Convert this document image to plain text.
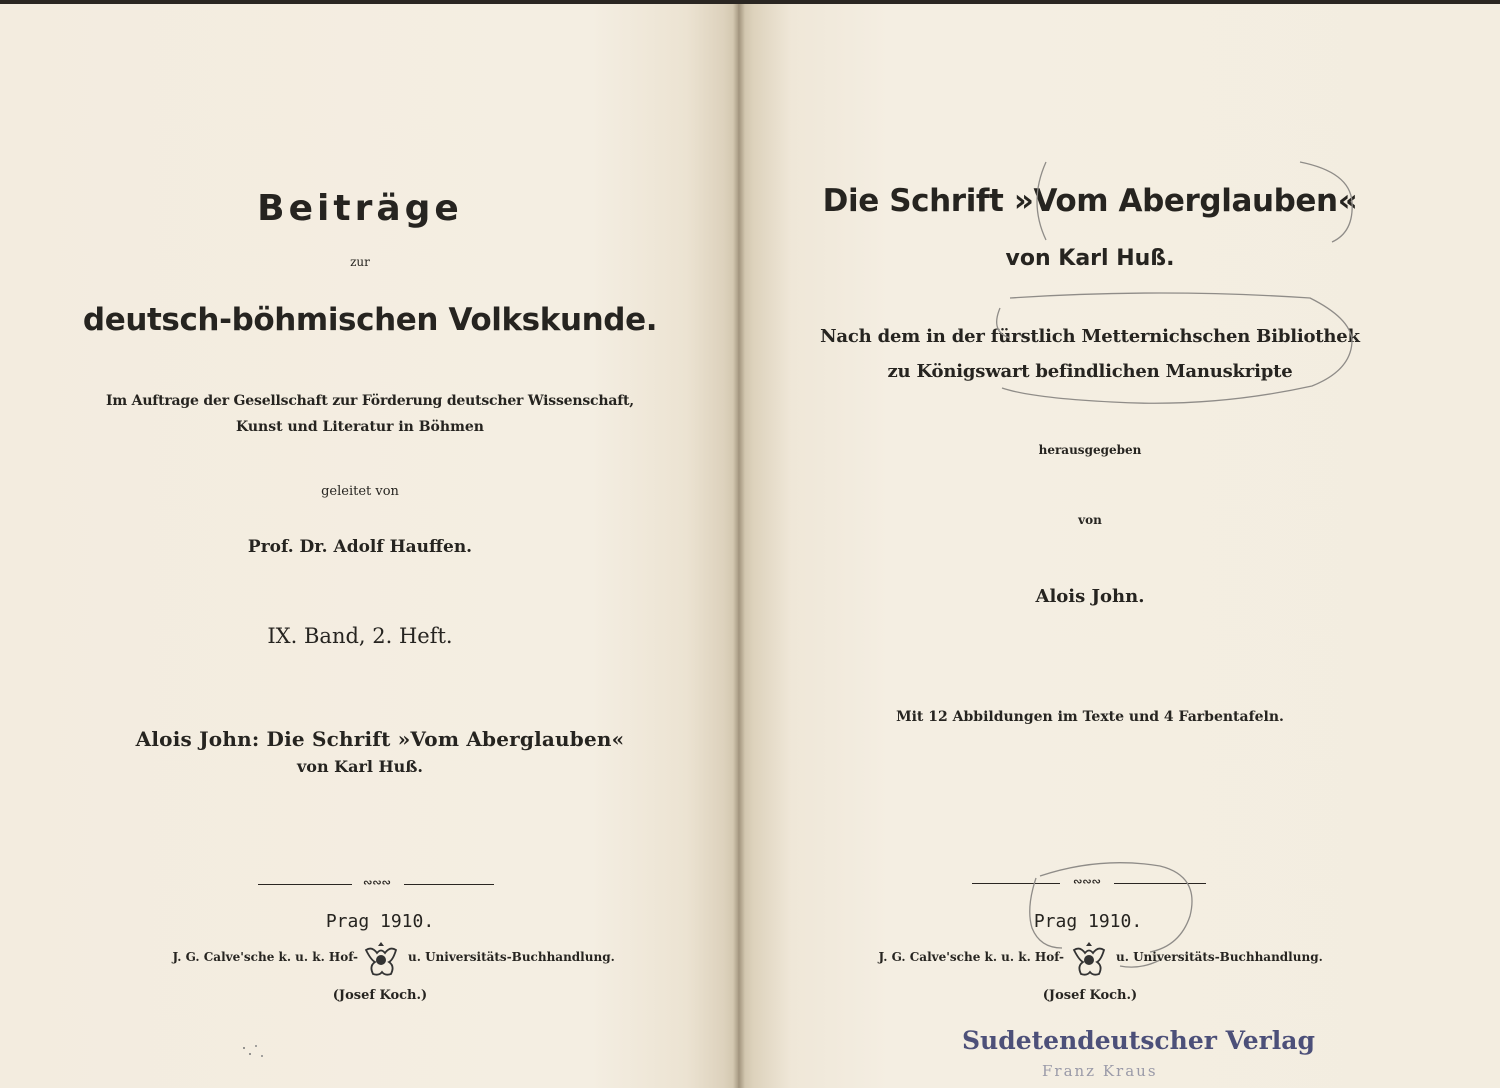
Beiträge
zur
deutsch-böhmischen Volkskunde.
Im Auftrage der Gesellschaft zur Förderung deutscher Wissenschaft,
Kunst und Literatur in Böhmen
geleitet von
Prof. Dr. Adolf Hauffen.
IX. Band, 2. Heft.
Alois John: Die Schrift »Vom Aberglauben«
von Karl Huß.
∾∾∾
Prag 1910.
J. G. Calve'sche k. u. k. Hof-	u. Universitäts-Buchhandlung.
(Josef Koch.)
Die Schrift »Vom Aberglauben«
von Karl Huß.
Nach dem in der fürstlich Metternichschen Bibliothek
zu Königswart befindlichen Manuskripte
herausgegeben
von
Alois John.
Mit 12 Abbildungen im Texte und 4 Farbentafeln.
∾∾∾
Prag 1910.
J. G. Calve'sche k. u. k. Hof-	u. Universitäts-Buchhandlung.
(Josef Koch.)
Sudetendeutscher Verlag
Franz Kraus
